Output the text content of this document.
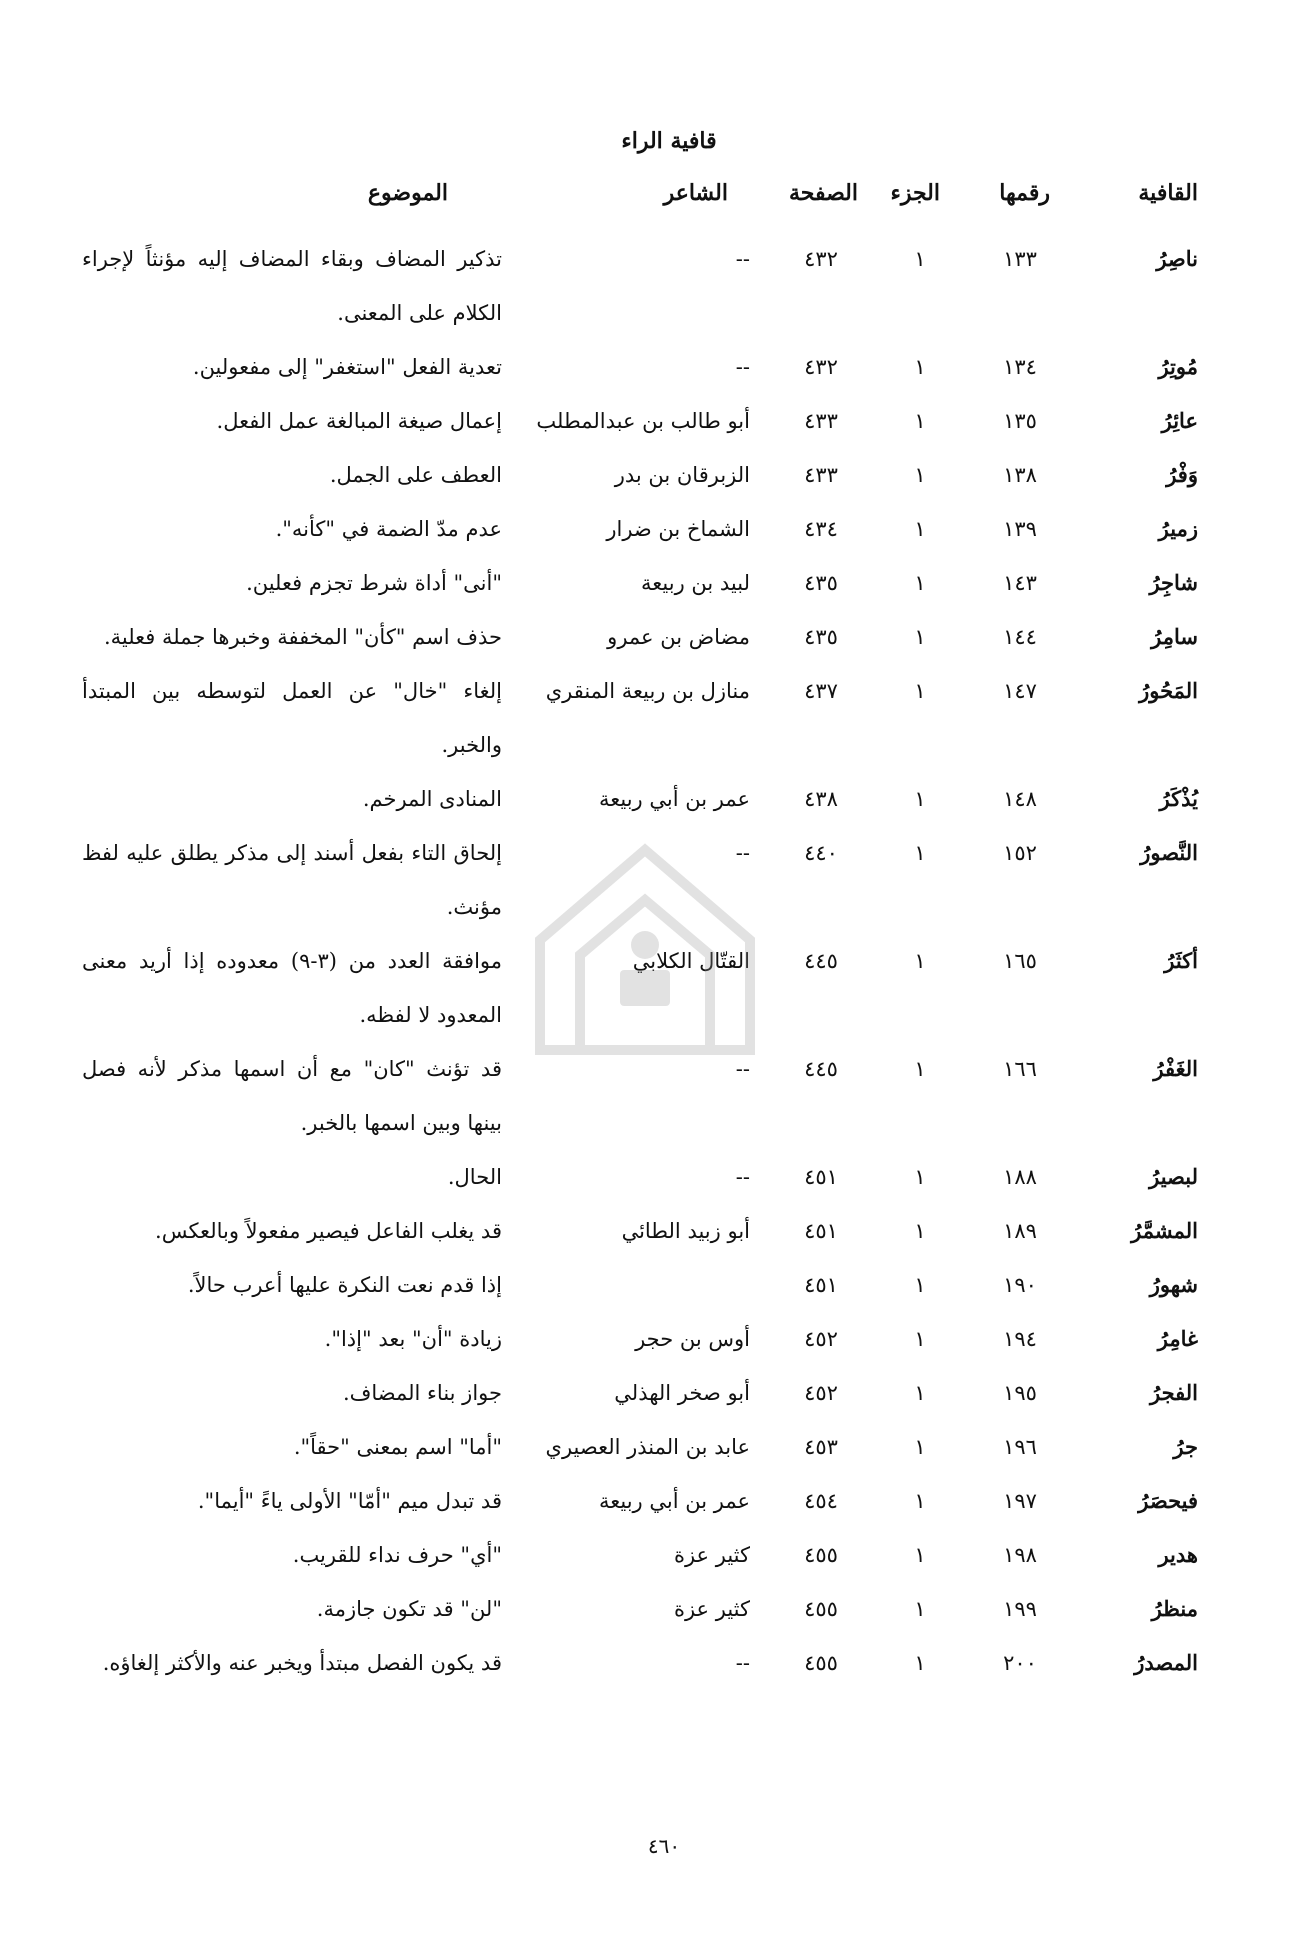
قافية الراء
القافية
رقمها
الجزء
الصفحة
الشاعر
الموضوع
ناصِرُ
١٣٣
١
٤٣٢
--
تذكير المضاف وبقاء المضاف إليه مؤنثاً لإجراء الكلام على المعنى.
مُوتِرُ
١٣٤
١
٤٣٢
--
تعدية الفعل "استغفر" إلى مفعولين.
عائِرُ
١٣٥
١
٤٣٣
أبو طالب بن عبدالمطلب
إعمال صيغة المبالغة عمل الفعل.
وَفْرُ
١٣٨
١
٤٣٣
الزبرقان بن بدر
العطف على الجمل.
زميرُ
١٣٩
١
٤٣٤
الشماخ بن ضرار
عدم مدّ الضمة في "كأنه".
شاجِرُ
١٤٣
١
٤٣٥
لبيد بن ربيعة
"أنى" أداة شرط تجزم فعلين.
سامِرُ
١٤٤
١
٤٣٥
مضاض بن عمرو
حذف اسم "كأن" المخففة وخبرها جملة فعلية.
المَحُورُ
١٤٧
١
٤٣٧
منازل بن ربيعة المنقري
إلغاء "خال" عن العمل لتوسطه بين المبتدأ والخبر.
يُذْكَرُ
١٤٨
١
٤٣٨
عمر بن أبي ربيعة
المنادى المرخم.
النَّصورُ
١٥٢
١
٤٤٠
--
إلحاق التاء بفعل أسند إلى مذكر يطلق عليه لفظ مؤنث.
أكثَرُ
١٦٥
١
٤٤٥
القتّال الكلابي
موافقة العدد من (٣-٩) معدوده إذا أريد معنى المعدود لا لفظه.
الغَفْرُ
١٦٦
١
٤٤٥
--
قد تؤنث "كان" مع أن اسمها مذكر لأنه فصل بينها وبين اسمها بالخبر.
لبصيرُ
١٨٨
١
٤٥١
--
الحال.
المشمَّرُ
١٨٩
١
٤٥١
أبو زبيد الطائي
قد يغلب الفاعل فيصير مفعولاً وبالعكس.
شهورُ
١٩٠
١
٤٥١
إذا قدم نعت النكرة عليها أعرب حالاً.
غامِرُ
١٩٤
١
٤٥٢
أوس بن حجر
زيادة "أن" بعد "إذا".
الفجرُ
١٩٥
١
٤٥٢
أبو صخر الهذلي
جواز بناء المضاف.
جرُ
١٩٦
١
٤٥٣
عابد بن المنذر العصيري
"أما" اسم بمعنى "حقاً".
فيحصَرُ
١٩٧
١
٤٥٤
عمر بن أبي ربيعة
قد تبدل ميم "أمّا" الأولى ياءً "أيما".
هدير
١٩٨
١
٤٥٥
كثير عزة
"أي" حرف نداء للقريب.
منظرُ
١٩٩
١
٤٥٥
كثير عزة
"لن" قد تكون جازمة.
المصدرُ
٢٠٠
١
٤٥٥
--
قد يكون الفصل مبتدأ ويخبر عنه والأكثر إلغاؤه.
٤٦٠
